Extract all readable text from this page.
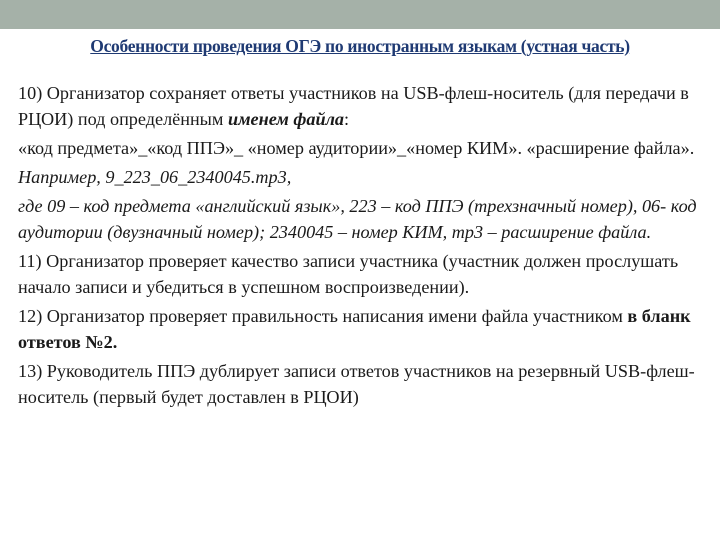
Особенности проведения ОГЭ по иностранным языкам (устная часть)

10) Организатор сохраняет ответы участников на USB-флеш-носитель (для передачи в РЦОИ) под определённым именем файла:

«код предмета»_«код ППЭ»_ «номер аудитории»_«номер КИМ». «расширение файла».

Например, 9_223_06_2340045.mp3,

где 09 – код предмета «английский язык», 223 – код ППЭ (трехзначный номер), 06- код аудитории (двузначный номер); 2340045 – номер КИМ, mp3 – расширение файла.

11) Организатор проверяет качество записи участника (участник должен прослушать начало записи и убедиться в успешном воспроизведении).

12) Организатор проверяет правильность написания имени файла участником в бланк ответов №2.

13) Руководитель ППЭ дублирует записи ответов участников на резервный USB-флеш-носитель (первый будет доставлен в РЦОИ)
